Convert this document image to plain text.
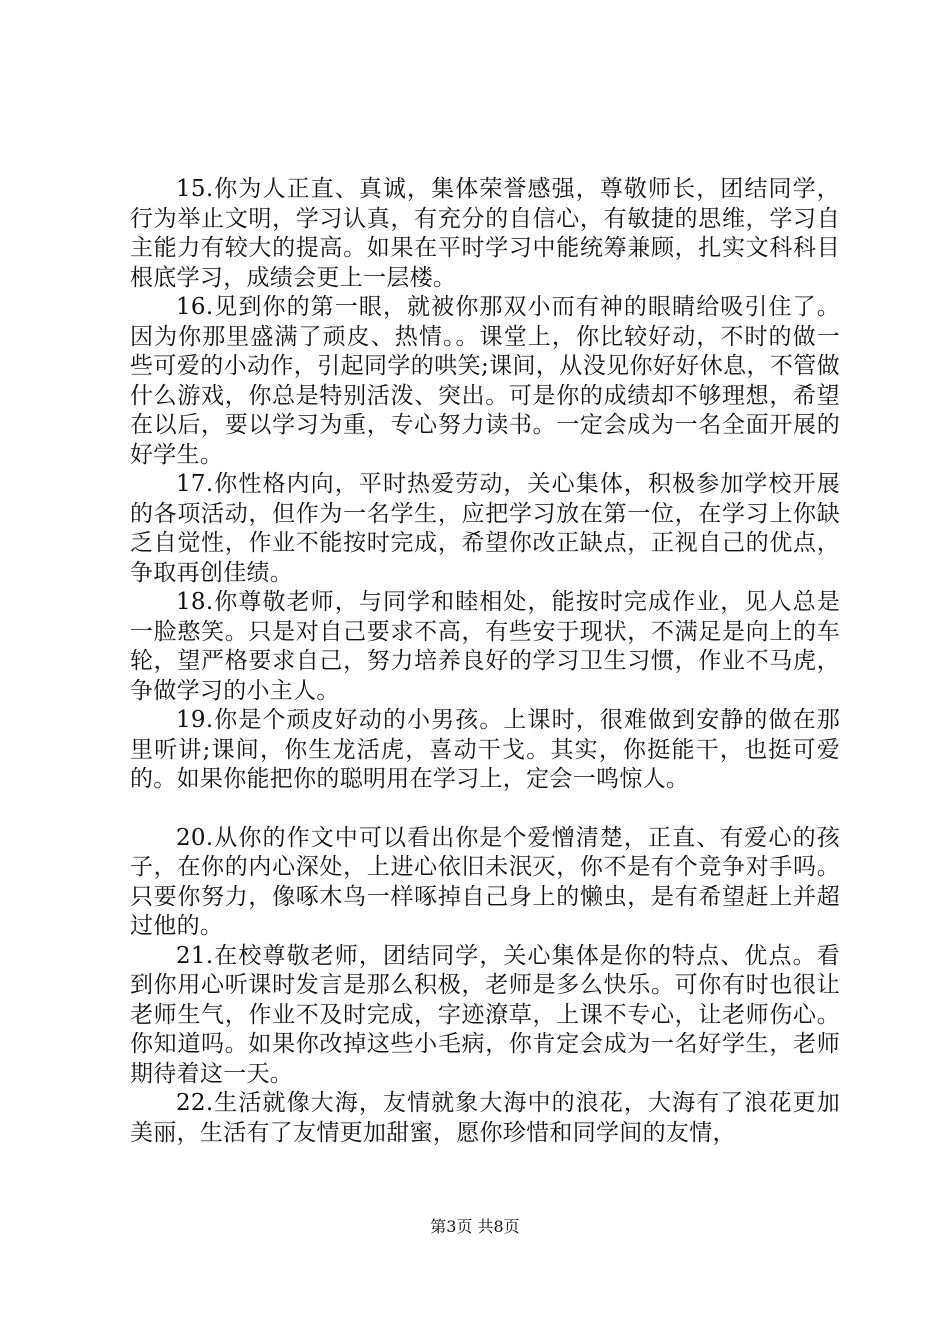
15.你为人正直、真诚，集体荣誉感强，尊敬师长，团结同学，行为举止文明，学习认真，有充分的自信心，有敏捷的思维，学习自主能力有较大的提高。如果在平时学习中能统筹兼顾，扎实文科科目根底学习，成绩会更上一层楼。

16.见到你的第一眼，就被你那双小而有神的眼睛给吸引住了。因为你那里盛满了顽皮、热情。。课堂上，你比较好动，不时的做一些可爱的小动作，引起同学的哄笑;课间，从没见你好好休息，不管做什么游戏，你总是特别活泼、突出。可是你的成绩却不够理想，希望在以后，要以学习为重，专心努力读书。一定会成为一名全面开展的好学生。

17.你性格内向，平时热爱劳动，关心集体，积极参加学校开展的各项活动，但作为一名学生，应把学习放在第一位，在学习上你缺乏自觉性，作业不能按时完成，希望你改正缺点，正视自己的优点，争取再创佳绩。

18.你尊敬老师，与同学和睦相处，能按时完成作业，见人总是一脸憨笑。只是对自己要求不高，有些安于现状，不满足是向上的车轮，望严格要求自己，努力培养良好的学习卫生习惯，作业不马虎，争做学习的小主人。

19.你是个顽皮好动的小男孩。上课时，很难做到安静的做在那里听讲;课间，你生龙活虎，喜动干戈。其实，你挺能干，也挺可爱的。如果你能把你的聪明用在学习上，定会一鸣惊人。

20.从你的作文中可以看出你是个爱憎清楚，正直、有爱心的孩子，在你的内心深处，上进心依旧未泯灭，你不是有个竞争对手吗。只要你努力，像啄木鸟一样啄掉自己身上的懒虫，是有希望赶上并超过他的。

21.在校尊敬老师，团结同学，关心集体是你的特点、优点。看到你用心听课时发言是那么积极，老师是多么快乐。可你有时也很让老师生气，作业不及时完成，字迹潦草，上课不专心，让老师伤心。你知道吗。如果你改掉这些小毛病，你肯定会成为一名好学生，老师期待着这一天。

22.生活就像大海，友情就象大海中的浪花，大海有了浪花更加美丽，生活有了友情更加甜蜜，愿你珍惜和同学间的友情，

第3页 共8页
